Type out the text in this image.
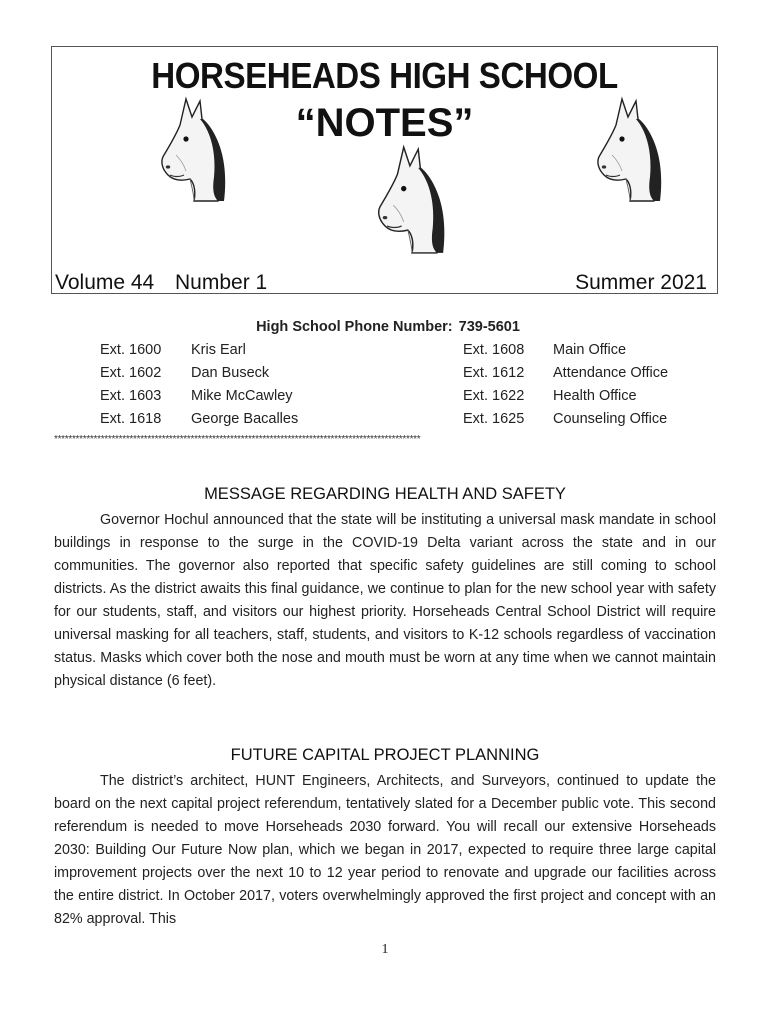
HORSEHEADS HIGH SCHOOL
“NOTES”
Volume 44 Number 1	Summer 2021
High School Phone Number: 739-5601
Ext. 1600 Kris Earl
Ext. 1602 Dan Buseck
Ext. 1603 Mike McCawley
Ext. 1618 George Bacalles
Ext. 1608 Main Office
Ext. 1612 Attendance Office
Ext. 1622 Health Office
Ext. 1625 Counseling Office
******************************************************************************************************
MESSAGE REGARDING HEALTH AND SAFETY

Governor Hochul announced that the state will be instituting a universal mask mandate in school buildings in response to the surge in the COVID-19 Delta variant across the state and in our communities. The governor also reported that specific safety guidelines are still coming to school districts. As the district awaits this final guidance, we continue to plan for the new school year with safety for our students, staff, and visitors our highest priority. Horseheads Central School District will require universal masking for all teachers, staff, students, and visitors to K-12 schools regardless of vaccination status. Masks which cover both the nose and mouth must be worn at any time when we cannot maintain physical distance (6 feet).

FUTURE CAPITAL PROJECT PLANNING

The district’s architect, HUNT Engineers, Architects, and Surveyors, continued to update the board on the next capital project referendum, tentatively slated for a December public vote. This second referendum is needed to move Horseheads 2030 forward. You will recall our extensive Horseheads 2030: Building Our Future Now plan, which we began in 2017, expected to require three large capital improvement projects over the next 10 to 12 year period to renovate and upgrade our facilities across the entire district. In October 2017, voters overwhelmingly approved the first project and concept with an 82% approval. This

1
